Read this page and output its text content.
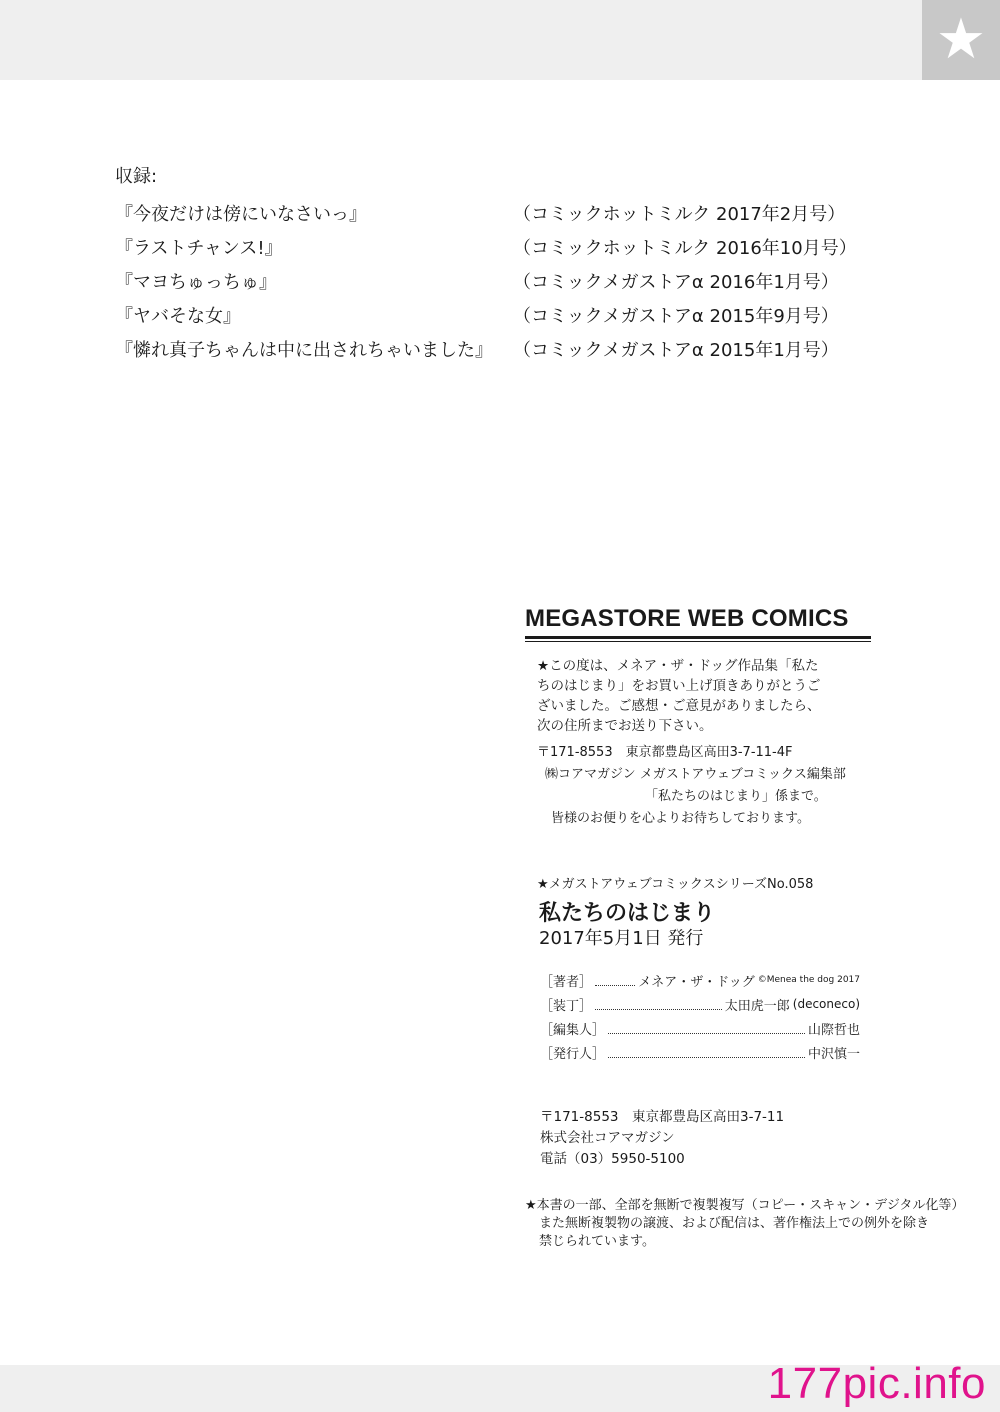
★
収録:
『今夜だけは傍にいなさいっ』	（コミックホットミルク 2017年2月号）
『ラストチャンス!』	（コミックホットミルク 2016年10月号）
『マヨちゅっちゅ』	（コミックメガストアα 2016年1月号）
『ヤバそな女』	（コミックメガストアα 2015年9月号）
『憐れ真子ちゃんは中に出されちゃいました』	（コミックメガストアα 2015年1月号）
MEGASTORE WEB COMICS
★この度は、メネア・ザ・ドッグ作品集「私た
ちのはじまり」をお買い上げ頂きありがとうご
ざいました。ご感想・ご意見がありましたら、
次の住所までお送り下さい。
〒171-8553　東京都豊島区高田3-7-11-4F
㈱コアマガジン メガストアウェブコミックス編集部
「私たちのはじまり」係まで。
皆様のお便りを心よりお待ちしております。
★メガストアウェブコミックスシリーズNo.058
私たちのはじまり
2017年5月1日 発行
［著者］	メネア・ザ・ドッグ ©Menea the dog 2017
［装丁］	太田虎一郎 (deconeco)
［編集人］	山際哲也
［発行人］	中沢慎一
〒171-8553　東京都豊島区高田3-7-11
株式会社コアマガジン
電話（03）5950-5100
★本書の一部、全部を無断で複製複写（コピー・スキャン・デジタル化等）
また無断複製物の譲渡、および配信は、著作権法上での例外を除き
禁じられています。
177pic.info
